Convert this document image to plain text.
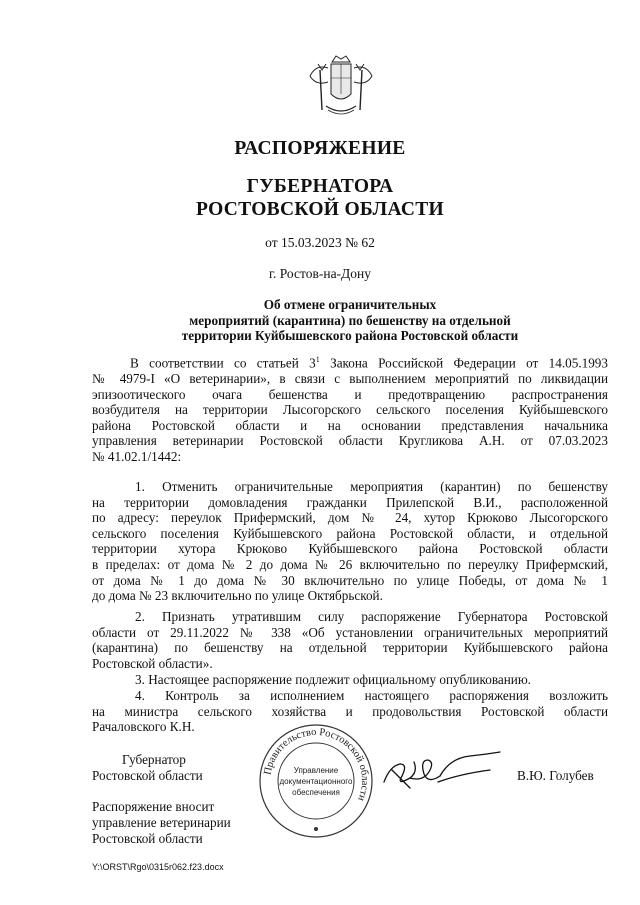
РАСПОРЯЖЕНИЕ
ГУБЕРНАТОРА
РОСТОВСКОЙ ОБЛАСТИ
от 15.03.2023 № 62
г. Ростов-на-Дону
Об отмене ограничительных
мероприятий (карантина) по бешенству на отдельной
территории Куйбышевского района Ростовской области
В соответствии со статьей $3^1$ Закона Российской Федерации от 14.05.1993
№ 4979-I «О ветеринарии», в связи с выполнением мероприятий по ликвидации
эпизоотического очага бешенства и предотвращению распространения
возбудителя на территории Лысогорского сельского поселения Куйбышевского
района Ростовской области и на основании представления начальника
управления ветеринарии Ростовской области Кругликова А.Н. от 07.03.2023
№ 41.02.1/1442:
1. Отменить ограничительные мероприятия (карантин) по бешенству
на территории домовладения гражданки Прилепской В.И., расположенной
по адресу: переулок Прифермский, дом № 24, хутор Крюково Лысогорского
сельского поселения Куйбышевского района Ростовской области, и отдельной
территории хутора Крюково Куйбышевского района Ростовской области
в пределах: от дома № 2 до дома № 26 включительно по переулку Прифермский,
от дома № 1 до дома № 30 включительно по улице Победы, от дома № 1
до дома № 23 включительно по улице Октябрьской.
2. Признать утратившим силу распоряжение Губернатора Ростовской
области от 29.11.2022 № 338 «Об установлении ограничительных мероприятий
(карантина) по бешенству на отдельной территории Куйбышевского района
Ростовской области».
3. Настоящее распоряжение подлежит официальному опубликованию.
4. Контроль за исполнением настоящего распоряжения возложить
на министра сельского хозяйства и продовольствия Ростовской области
Рачаловского К.Н.
Губернатор
Ростовской области	В.Ю. Голубев
Правительство Ростовской области
Управление
документационного
обеспечения
Распоряжение вносит
управление ветеринарии
Ростовской области
Y:\ORST\Rgo\0315r062.f23.docx
